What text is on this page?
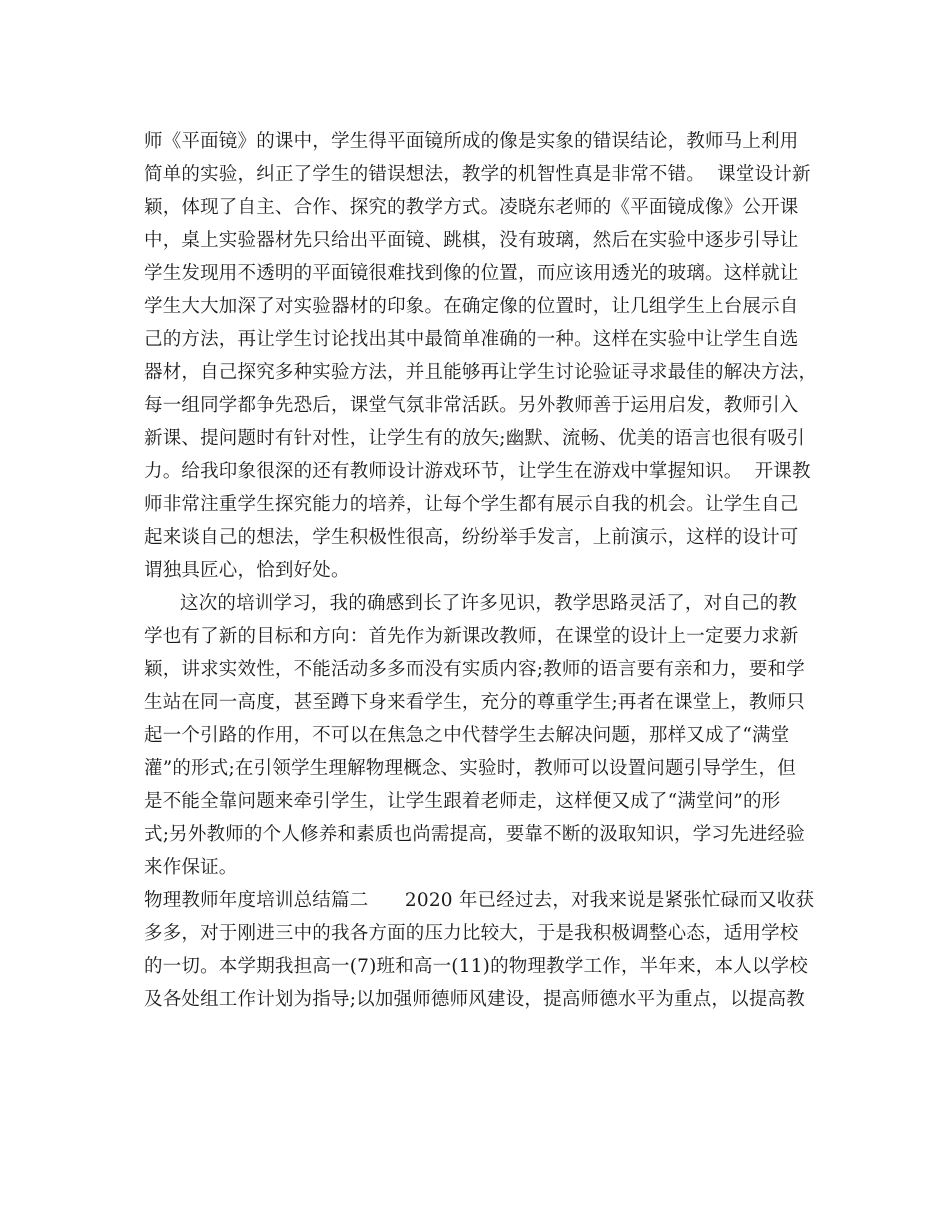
师《平面镜》的课中，学生得平面镜所成的像是实象的错误结论，教师马上利用
简单的实验，纠正了学生的错误想法，教学的机智性真是非常不错。  课堂设计新
颖，体现了自主、合作、探究的教学方式。凌晓东老师的《平面镜成像》公开课
中，桌上实验器材先只给出平面镜、跳棋，没有玻璃，然后在实验中逐步引导让
学生发现用不透明的平面镜很难找到像的位置，而应该用透光的玻璃。这样就让
学生大大加深了对实验器材的印象。在确定像的位置时，让几组学生上台展示自
己的方法，再让学生讨论找出其中最简单准确的一种。这样在实验中让学生自选
器材，自己探究多种实验方法，并且能够再让学生讨论验证寻求最佳的解决方法，
每一组同学都争先恐后，课堂气氛非常活跃。另外教师善于运用启发，教师引入
新课、提问题时有针对性，让学生有的放矢;幽默、流畅、优美的语言也很有吸引
力。给我印象很深的还有教师设计游戏环节，让学生在游戏中掌握知识。  开课教
师非常注重学生探究能力的培养，让每个学生都有展示自我的机会。让学生自己
起来谈自己的想法，学生积极性很高，纷纷举手发言，上前演示，这样的设计可
谓独具匠心，恰到好处。
这次的培训学习，我的确感到长了许多见识，教学思路灵活了，对自己的教
学也有了新的目标和方向：首先作为新课改教师，在课堂的设计上一定要力求新
颖，讲求实效性，不能活动多多而没有实质内容;教师的语言要有亲和力，要和学
生站在同一高度，甚至蹲下身来看学生，充分的尊重学生;再者在课堂上，教师只
起一个引路的作用，不可以在焦急之中代替学生去解决问题，那样又成了“满堂
灌”的形式;在引领学生理解物理概念、实验时，教师可以设置问题引导学生，但
是不能全靠问题来牵引学生，让学生跟着老师走，这样便又成了“满堂问”的形
式;另外教师的个人修养和素质也尚需提高，要靠不断的汲取知识，学习先进经验
来作保证。
物理教师年度培训总结篇二      2020 年已经过去，对我来说是紧张忙碌而又收获
多多，对于刚进三中的我各方面的压力比较大，于是我积极调整心态，适用学校
的一切。本学期我担高一(7)班和高一(11)的物理教学工作，半年来，本人以学校
及各处组工作计划为指导;以加强师德师风建设，提高师德水平为重点，以提高教
